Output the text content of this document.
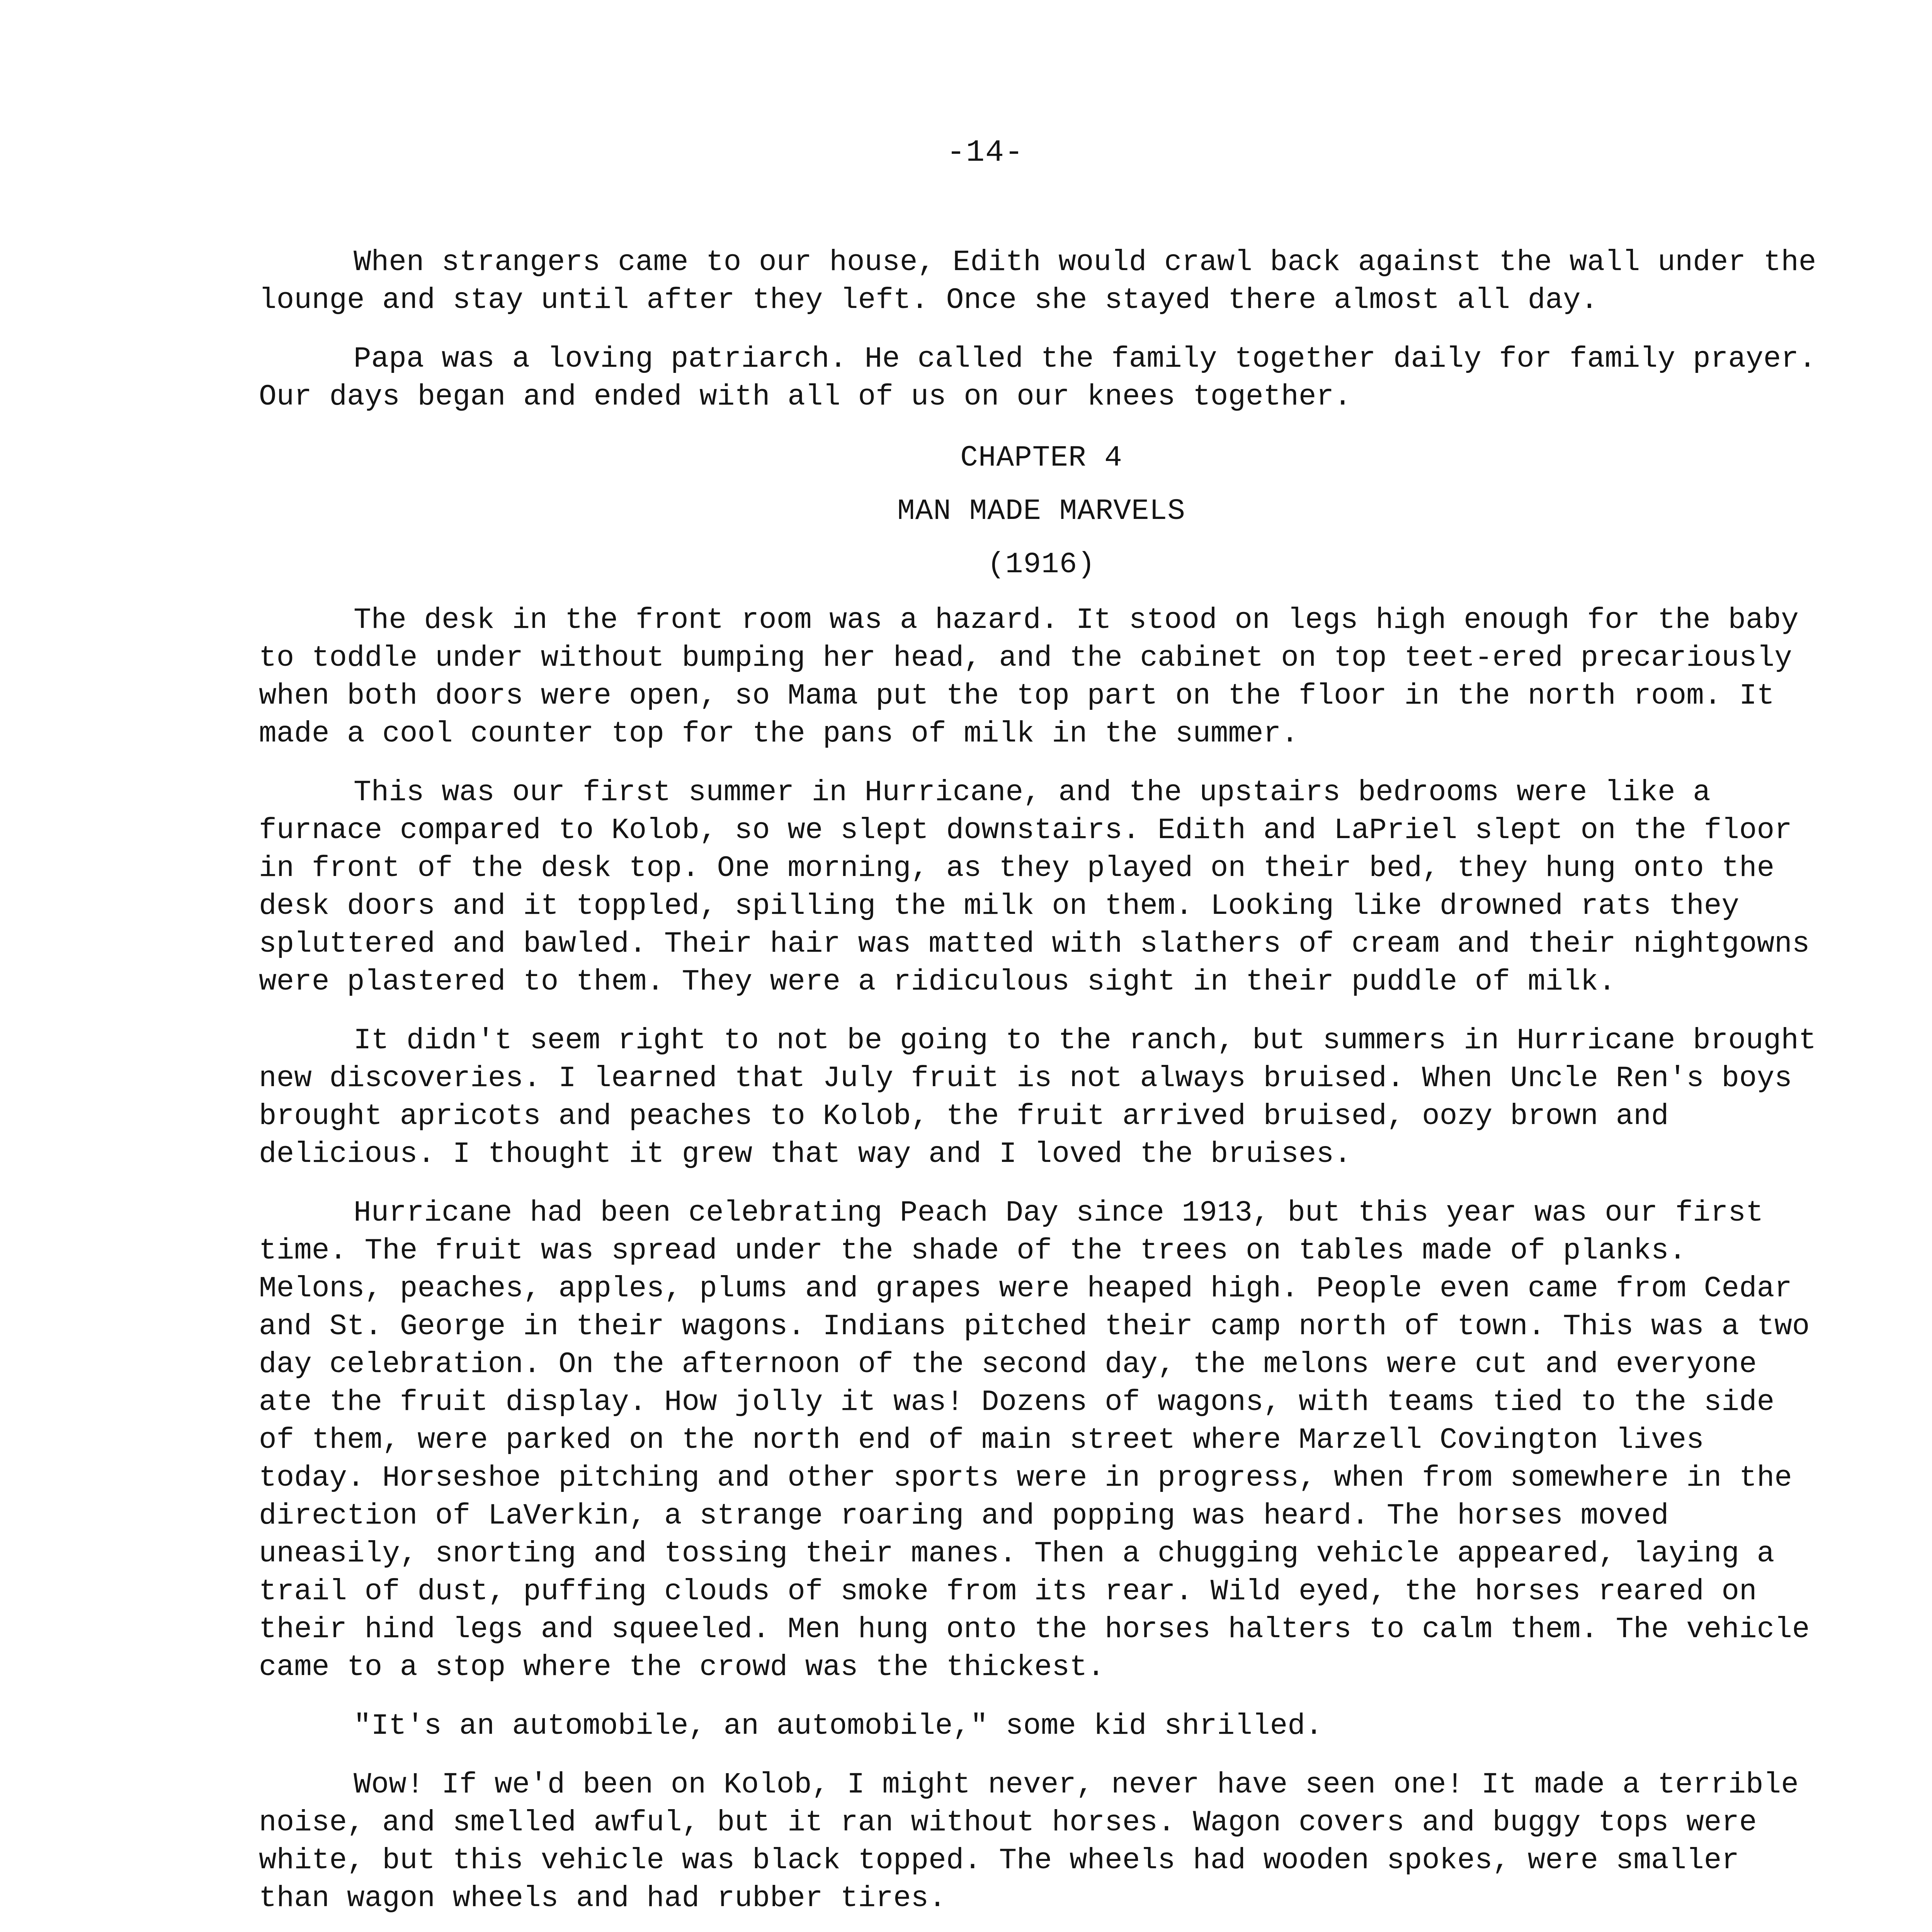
-14-

When strangers came to our house, Edith would crawl back against the wall under the lounge and stay until after they left. Once she stayed there almost all day.

Papa was a loving patriarch. He called the family together daily for family prayer. Our days began and ended with all of us on our knees together.

CHAPTER 4
MAN MADE MARVELS
(1916)

The desk in the front room was a hazard. It stood on legs high enough for the baby to toddle under without bumping her head, and the cabinet on top teet-ered precariously when both doors were open, so Mama put the top part on the floor in the north room. It made a cool counter top for the pans of milk in the summer.

This was our first summer in Hurricane, and the upstairs bedrooms were like a furnace compared to Kolob, so we slept downstairs. Edith and LaPriel slept on the floor in front of the desk top. One morning, as they played on their bed, they hung onto the desk doors and it toppled, spilling the milk on them. Looking like drowned rats they spluttered and bawled. Their hair was matted with slathers of cream and their nightgowns were plastered to them. They were a ridiculous sight in their puddle of milk.

It didn't seem right to not be going to the ranch, but summers in Hurricane brought new discoveries. I learned that July fruit is not always bruised. When Uncle Ren's boys brought apricots and peaches to Kolob, the fruit arrived bruised, oozy brown and delicious. I thought it grew that way and I loved the bruises.

Hurricane had been celebrating Peach Day since 1913, but this year was our first time. The fruit was spread under the shade of the trees on tables made of planks. Melons, peaches, apples, plums and grapes were heaped high. People even came from Cedar and St. George in their wagons. Indians pitched their camp north of town. This was a two day celebration. On the afternoon of the second day, the melons were cut and everyone ate the fruit display. How jolly it was! Dozens of wagons, with teams tied to the side of them, were parked on the north end of main street where Marzell Covington lives today. Horseshoe pitching and other sports were in progress, when from somewhere in the direction of LaVerkin, a strange roaring and popping was heard. The horses moved uneasily, snorting and tossing their manes. Then a chugging vehicle appeared, laying a trail of dust, puffing clouds of smoke from its rear. Wild eyed, the horses reared on their hind legs and squeeled. Men hung onto the horses halters to calm them. The vehicle came to a stop where the crowd was the thickest.

"It's an automobile, an automobile," some kid shrilled.

Wow! If we'd been on Kolob, I might never, never have seen one! It made a terrible noise, and smelled awful, but it ran without horses. Wagon covers and buggy tops were white, but this vehicle was black topped. The wheels had wooden spokes, were smaller than wagon wheels and had rubber tires.
